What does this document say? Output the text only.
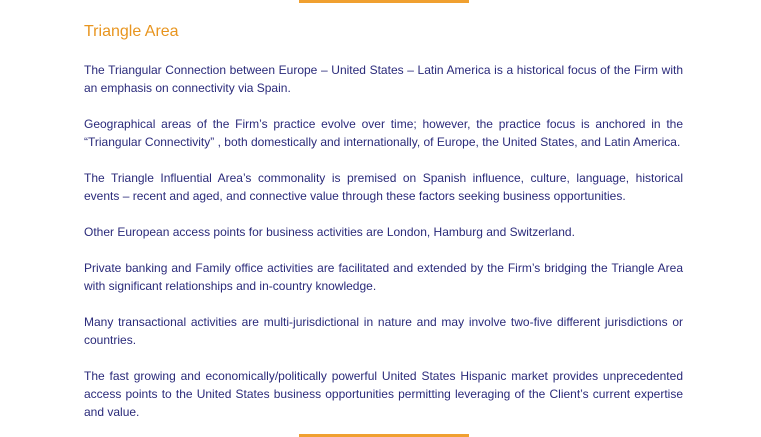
Triangle Area

The Triangular Connection between Europe – United States – Latin America is a historical focus of the Firm with an emphasis on connectivity via Spain.

Geographical areas of the Firm’s practice evolve over time; however, the practice focus is anchored in the “Triangular Connectivity” , both domestically and internationally, of Europe, the United States, and Latin America.

The Triangle Influential Area’s commonality is premised on Spanish influence, culture, language, historical events – recent and aged, and connective value through these factors seeking business opportunities.

Other European access points for business activities are London, Hamburg and Switzerland.

Private banking and Family office activities are facilitated and extended by the Firm’s bridging the Triangle Area with significant relationships and in-country knowledge.

Many transactional activities are multi-jurisdictional in nature and may involve two-five different jurisdictions or countries.

The fast growing and economically/politically powerful United States Hispanic market provides unprecedented access points to the United States business opportunities permitting leveraging of the Client’s current expertise and value.
